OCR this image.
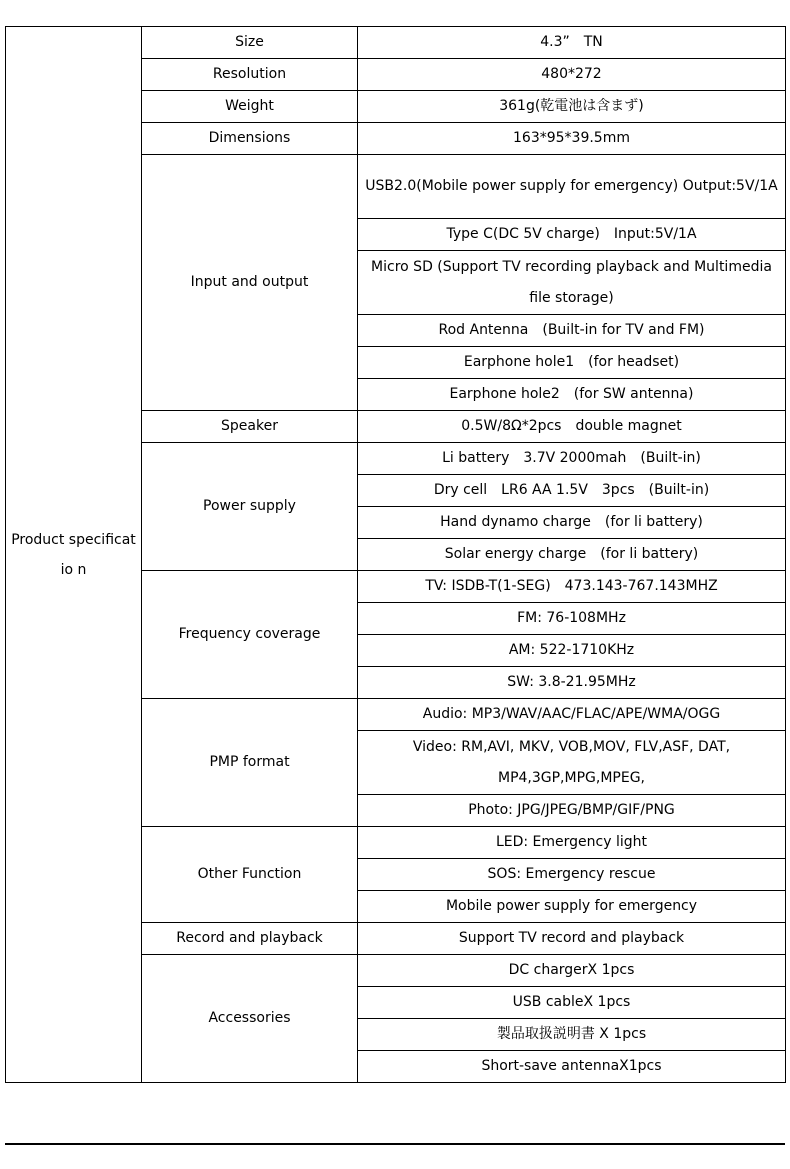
Product specificatio n	Size	4.3”　TN
	Resolution	480*272
	Weight	361g(乾電池は含まず)
	Dimensions	163*95*39.5mm
	Input and output	USB2.0(Mobile power supply for emergency) Output:5V/1A
		Type C(DC 5V charge)　Input:5V/1A
		Micro SD (Support TV recording playback and Multimedia file storage)
		Rod Antenna　(Built-in for TV and FM)
		Earphone hole1　(for headset)
		Earphone hole2　(for SW antenna)
	Speaker	0.5W/8Ω*2pcs　double magnet
	Power supply	Li battery　3.7V 2000mah　(Built-in)
		Dry cell　LR6 AA 1.5V　3pcs　(Built-in)
		Hand dynamo charge　(for li battery)
		Solar energy charge　(for li battery)
	Frequency coverage	TV: ISDB-T(1-SEG)　473.143-767.143MHZ
		FM: 76-108MHz
		AM: 522-1710KHz
		SW: 3.8-21.95MHz
	PMP format	Audio: MP3/WAV/AAC/FLAC/APE/WMA/OGG
		Video: RM,AVI, MKV, VOB,MOV, FLV,ASF, DAT, MP4,3GP,MPG,MPEG,
		Photo: JPG/JPEG/BMP/GIF/PNG
	Other Function	LED: Emergency light
		SOS: Emergency rescue
		Mobile power supply for emergency
	Record and playback	Support TV record and playback
	Accessories	DC chargerX 1pcs
		USB cableX 1pcs
		製品取扱説明書 X 1pcs
		Short-save antennaX1pcs
